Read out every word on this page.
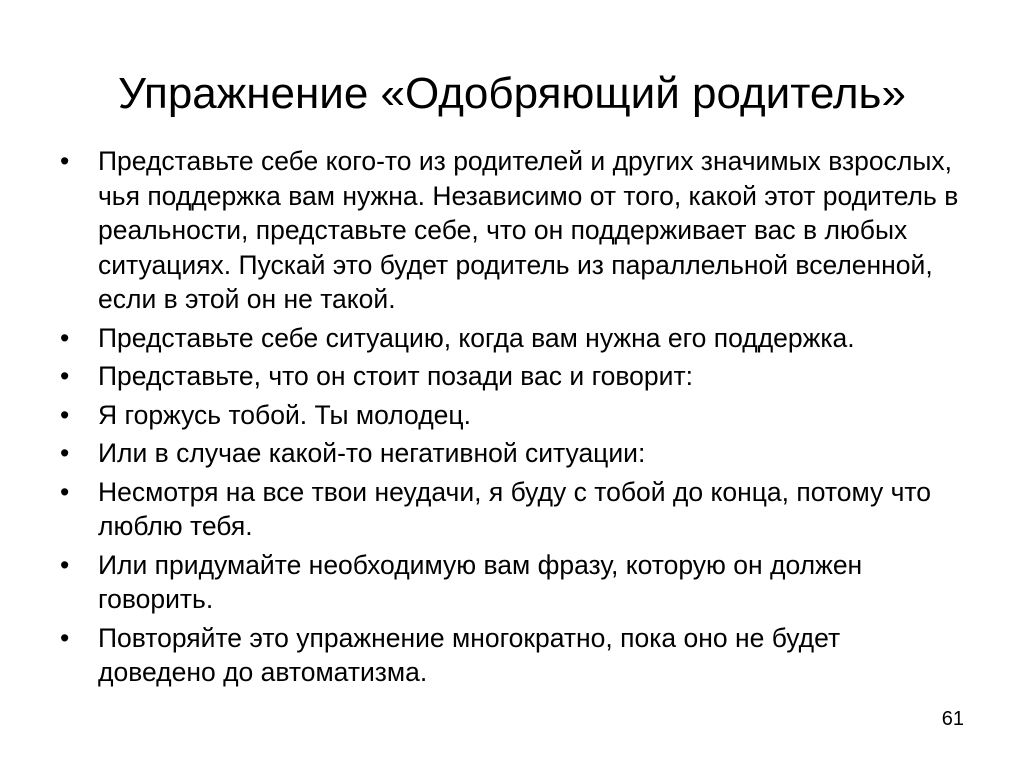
Упражнение «Одобряющий родитель»
•	Представьте себе кого-то из родителей и других значимых взрослых, чья поддержка вам нужна. Независимо от того, какой этот родитель в реальности, представьте себе, что он поддерживает вас в любых ситуациях. Пускай это будет родитель из параллельной вселенной, если в этой он не такой.
•	Представьте себе ситуацию, когда вам нужна его поддержка.
•	Представьте, что он стоит позади вас и говорит:
•	Я горжусь тобой. Ты молодец.
•	Или в случае какой-то негативной ситуации:
•	Несмотря на все твои неудачи, я буду с тобой до конца, потому что люблю тебя.
•	Или придумайте необходимую вам фразу, которую он должен говорить.
•	Повторяйте это упражнение многократно, пока оно не будет доведено до автоматизма.
61
